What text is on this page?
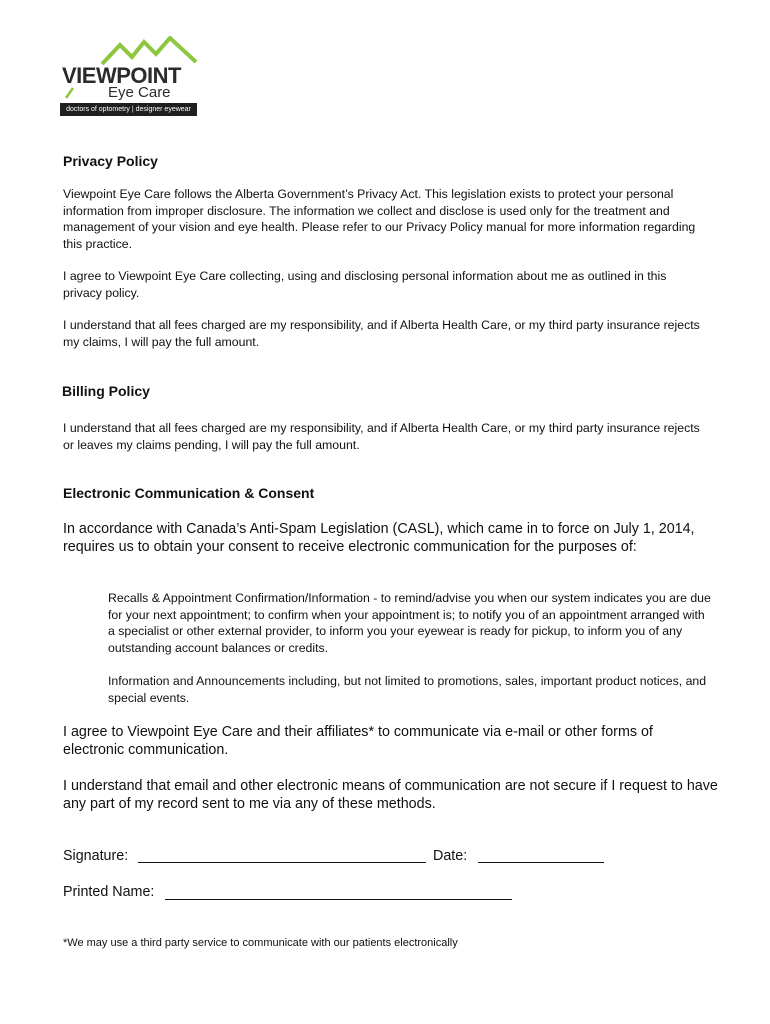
VIEWPOINT
Eye Care
doctors of optometry | designer eyewear
Privacy Policy

Viewpoint Eye Care follows the Alberta Government’s Privacy Act. This legislation exists to protect your personal information from improper disclosure. The information we collect and disclose is used only for the treatment and management of your vision and eye health. Please refer to our Privacy Policy manual for more information regarding this practice.

I agree to Viewpoint Eye Care collecting, using and disclosing personal information about me as outlined in this privacy policy.

I understand that all fees charged are my responsibility, and if Alberta Health Care, or my third party insurance rejects my claims, I will pay the full amount.

Billing Policy

I understand that all fees charged are my responsibility, and if Alberta Health Care, or my third party insurance rejects or leaves my claims pending, I will pay the full amount.

Electronic Communication & Consent

In accordance with Canada’s Anti-Spam Legislation (CASL), which came in to force on July 1, 2014, requires us to obtain your consent to receive electronic communication for the purposes of:

Recalls & Appointment Confirmation/Information - to remind/advise you when our system indicates you are due for your next appointment; to confirm when your appointment is; to notify you of an appointment arranged with a specialist or other external provider, to inform you your eyewear is ready for pickup, to inform you of any outstanding account balances or credits.

Information and Announcements including, but not limited to promotions, sales, important product notices, and special events.

I agree to Viewpoint Eye Care and their affiliates* to communicate via e-mail or other forms of electronic communication.

I understand that email and other electronic means of communication are not secure if I request to have any part of my record sent to me via any of these methods.

Signature:	Date:
Printed Name:
*We may use a third party service to communicate with our patients electronically
